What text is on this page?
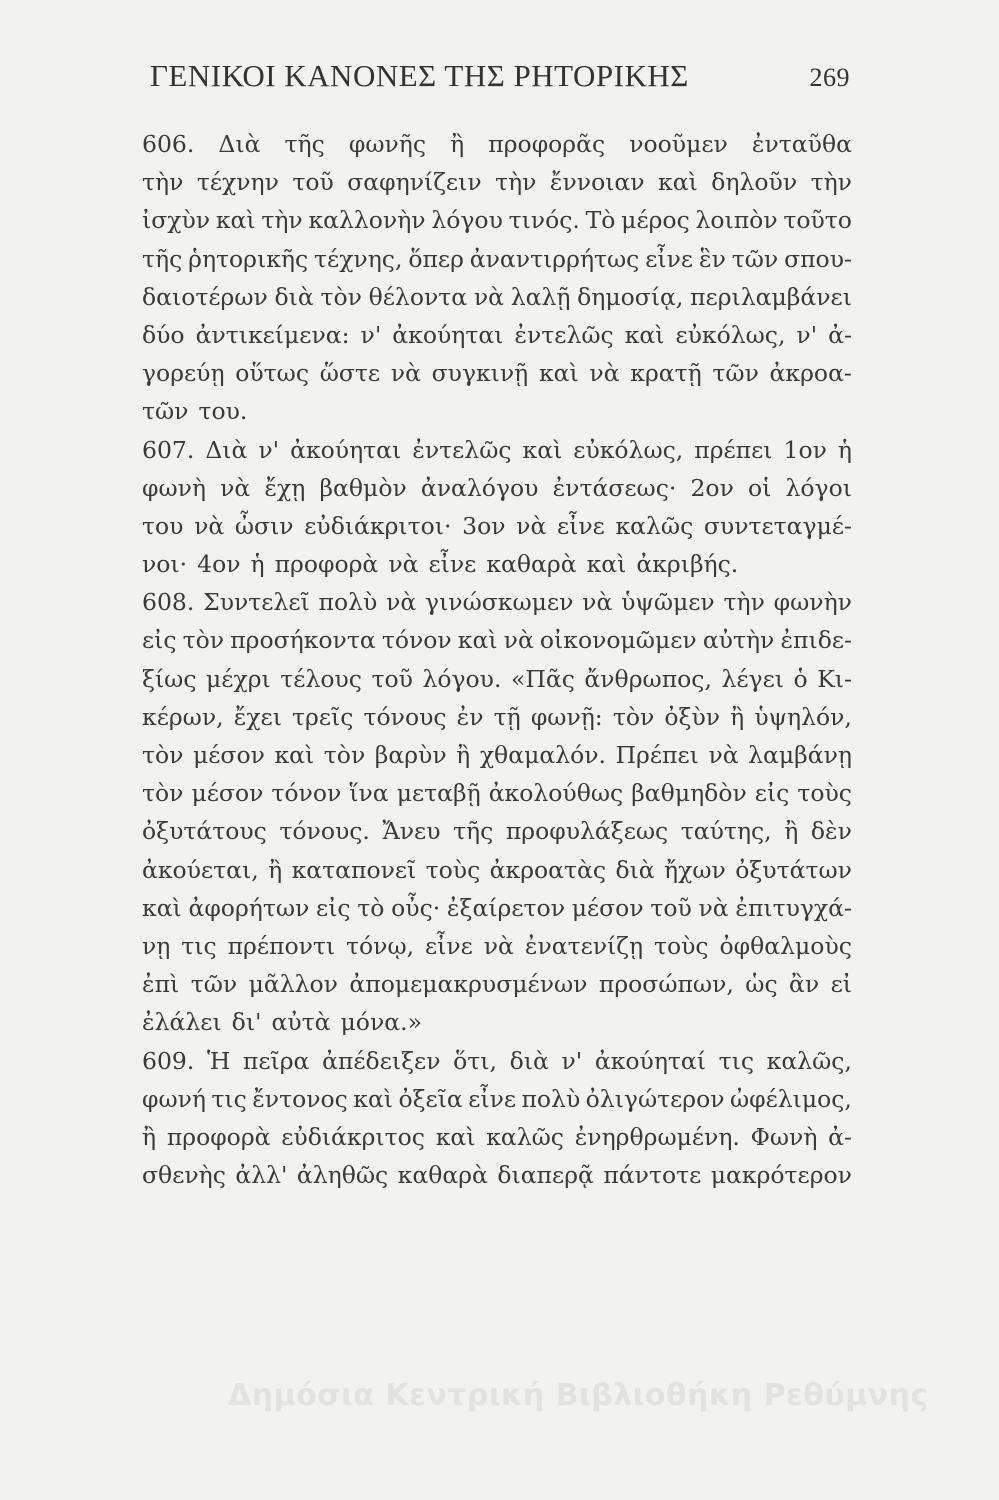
ΓΕΝΙΚΟΙ ΚΑΝΟΝΕΣ ΤΗΣ ΡΗΤΟΡΙΚΗΣ	269
606. Διὰ τῆς φωνῆς ἢ προφορᾶς νοοῦμεν ἐνταῦθα
τὴν τέχνην τοῦ σαφηνίζειν τὴν ἔννοιαν καὶ δηλοῦν τὴν
ἰσχὺν καὶ τὴν καλλονὴν λόγου τινός. Τὸ μέρος λοιπὸν τοῦτο
τῆς ῥητορικῆς τέχνης, ὅπερ ἀναντιρρήτως εἶνε ἓν τῶν σπου-
δαιοτέρων διὰ τὸν θέλοντα νὰ λαλῇ δημοσίᾳ, περιλαμβάνει
δύο ἀντικείμενα: ν' ἀκούηται ἐντελῶς καὶ εὐκόλως, ν' ἀ-
γορεύῃ οὕτως ὥστε νὰ συγκινῇ καὶ νὰ κρατῇ τῶν ἀκροα-
τῶν του.
607. Διὰ ν' ἀκούηται ἐντελῶς καὶ εὐκόλως, πρέπει 1ον ἡ
φωνὴ νὰ ἔχῃ βαθμὸν ἀναλόγου ἐντάσεως· 2ον οἱ λόγοι
του νὰ ὦσιν εὐδιάκριτοι· 3ον νὰ εἶνε καλῶς συντεταγμέ-
νοι· 4ον ἡ προφορὰ νὰ εἶνε καθαρὰ καὶ ἀκριβής.
608. Συντελεῖ πολὺ νὰ γινώσκωμεν νὰ ὑψῶμεν τὴν φωνὴν
εἰς τὸν προσήκοντα τόνον καὶ νὰ οἰκονομῶμεν αὐτὴν ἐπιδε-
ξίως μέχρι τέλους τοῦ λόγου. «Πᾶς ἄνθρωπος, λέγει ὁ Κι-
κέρων, ἔχει τρεῖς τόνους ἐν τῇ φωνῇ: τὸν ὀξὺν ἢ ὑψηλόν,
τὸν μέσον καὶ τὸν βαρὺν ἢ χθαμαλόν. Πρέπει νὰ λαμβάνῃ
τὸν μέσον τόνον ἵνα μεταβῇ ἀκολούθως βαθμηδὸν εἰς τοὺς
ὀξυτάτους τόνους. Ἄνευ τῆς προφυλάξεως ταύτης, ἢ δὲν
ἀκούεται, ἢ καταπονεῖ τοὺς ἀκροατὰς διὰ ἤχων ὀξυτάτων
καὶ ἀφορήτων εἰς τὸ οὖς· ἐξαίρετον μέσον τοῦ νὰ ἐπιτυγχά-
νῃ τις πρέποντι τόνῳ, εἶνε νὰ ἐνατενίζῃ τοὺς ὀφθαλμοὺς
ἐπὶ τῶν μᾶλλον ἀπομεμακρυσμένων προσώπων, ὡς ἂν εἰ
ἐλάλει δι' αὐτὰ μόνα.»
609. Ἡ πεῖρα ἀπέδειξεν ὅτι, διὰ ν' ἀκούηταί τις καλῶς,
φωνή τις ἔντονος καὶ ὀξεῖα εἶνε πολὺ ὀλιγώτερον ὠφέλιμος,
ἢ προφορὰ εὐδιάκριτος καὶ καλῶς ἐνηρθρωμένη. Φωνὴ ἀ-
σθενὴς ἀλλ' ἀληθῶς καθαρὰ διαπερᾷ πάντοτε μακρότερον
Δημόσια Κεντρική Βιβλιοθήκη Ρεθύμνης
